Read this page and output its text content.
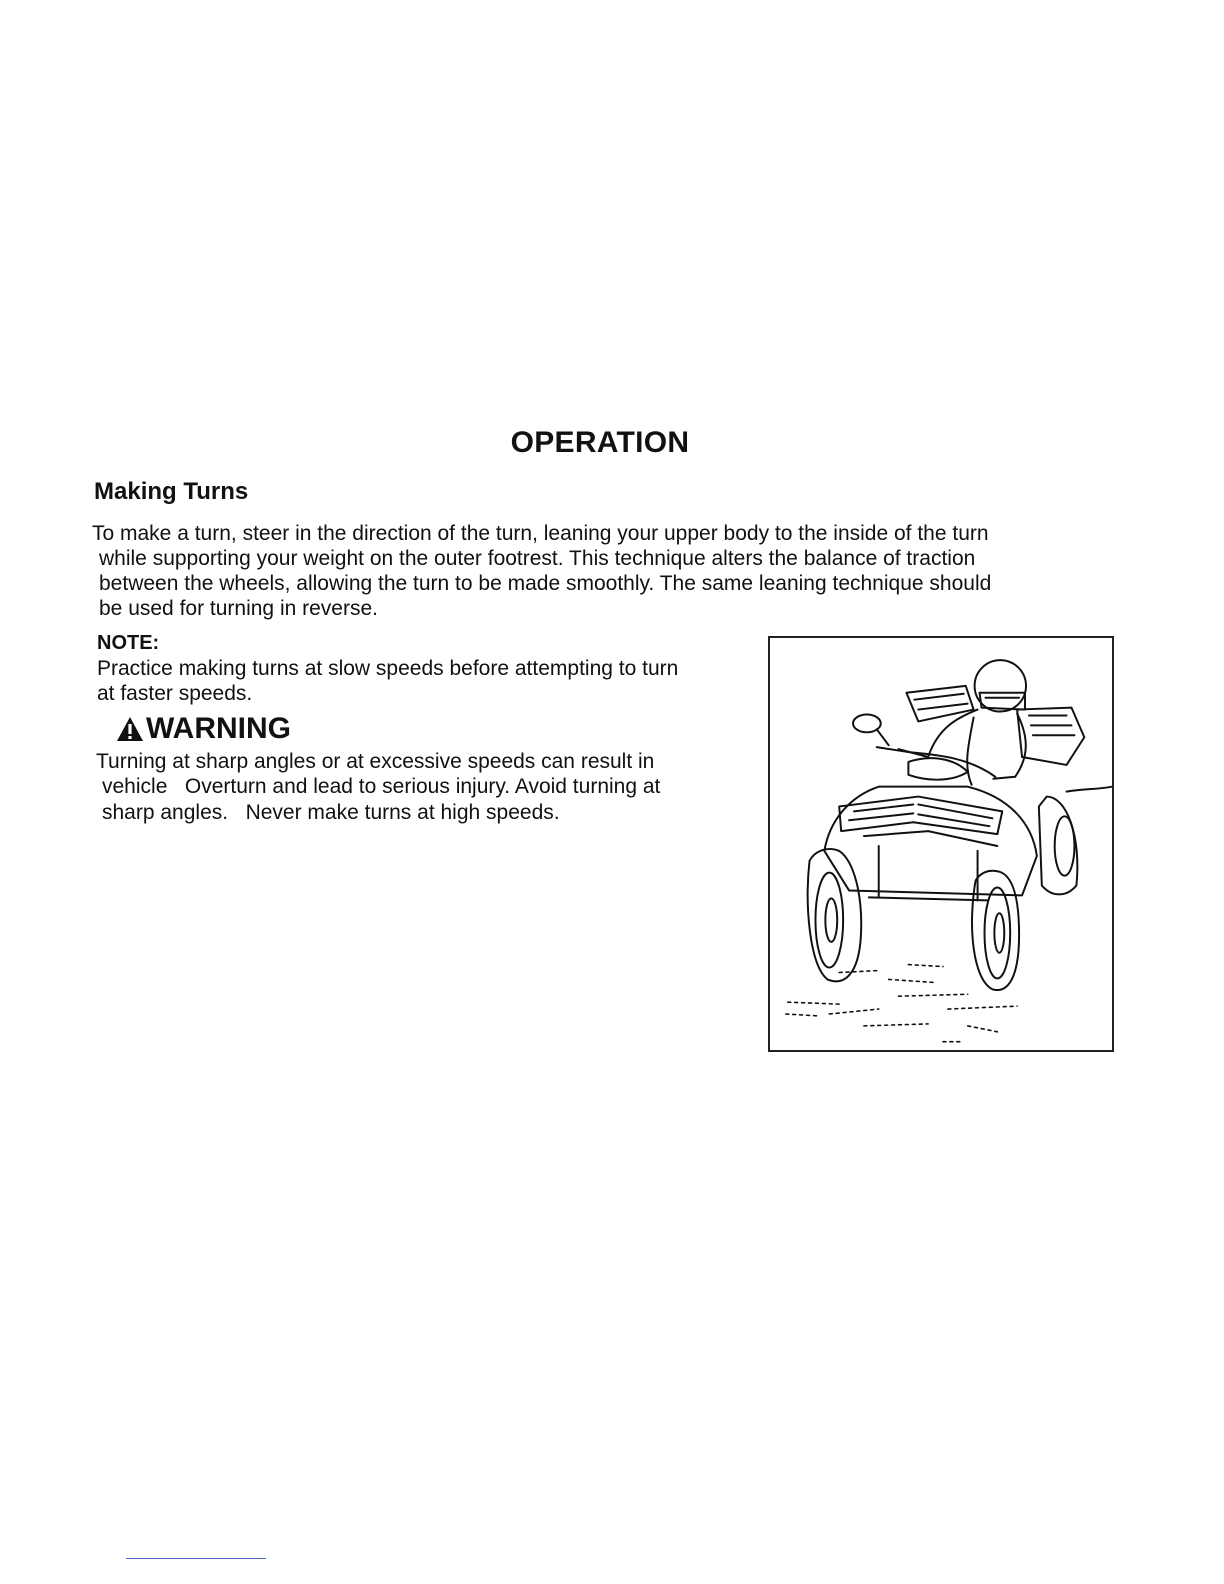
OPERATION
Making Turns
To make a turn, steer in the direction of the turn, leaning your upper body to the inside of the turn
while supporting your weight on the outer footrest. This technique alters the balance of traction
between the wheels, allowing the turn to be made smoothly. The same leaning technique should
be used for turning in reverse.
NOTE:
Practice making turns at slow speeds before attempting to turn
at faster speeds.
WARNING
Turning at sharp angles or at excessive speeds can result in
vehicle   Overturn and lead to serious injury. Avoid turning at
sharp angles.   Never make turns at high speeds.
